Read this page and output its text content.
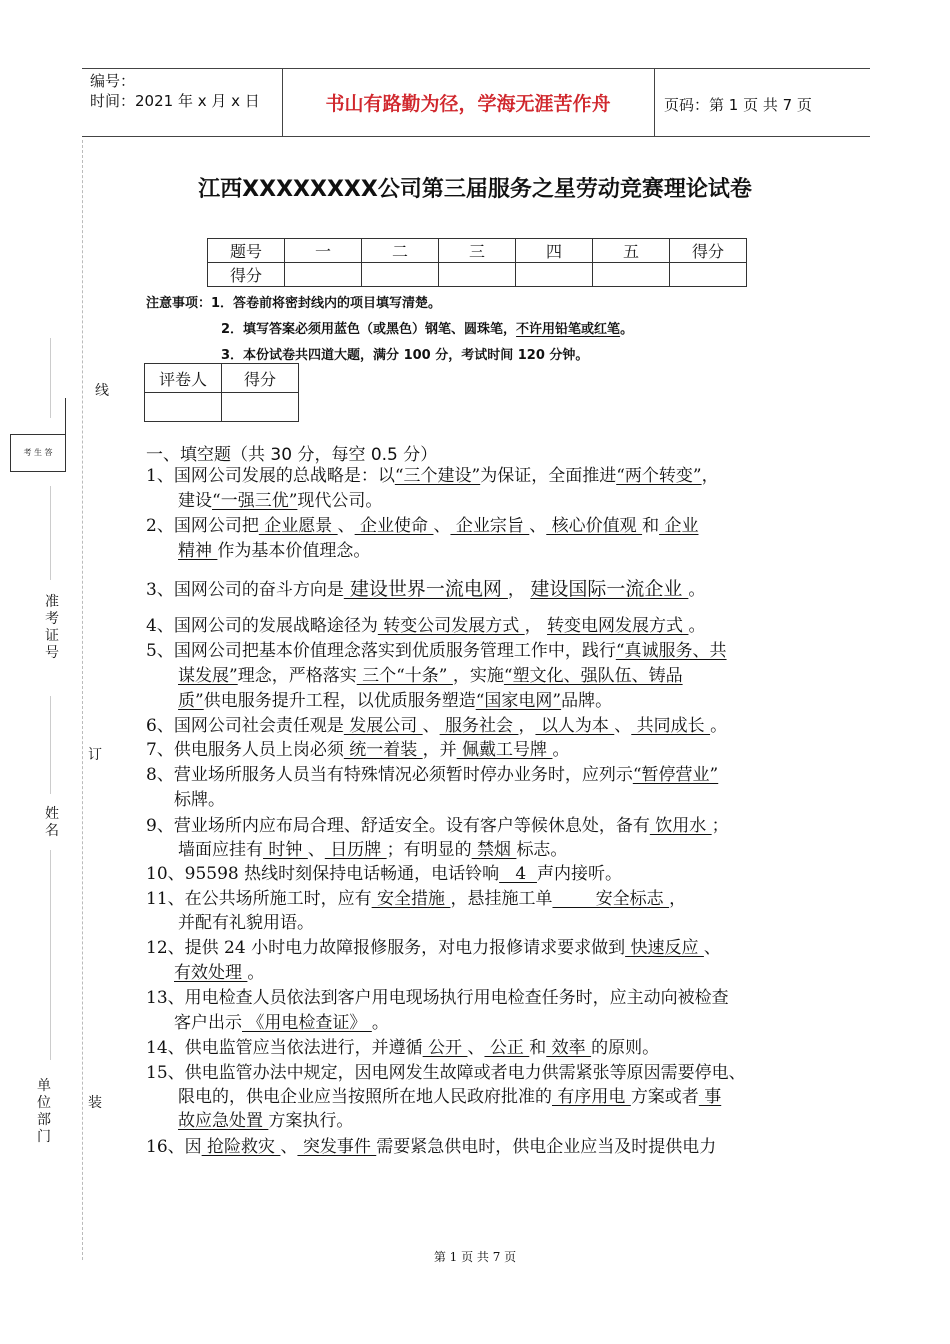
编号：
时间：2021 年 x 月 x 日	书山有路勤为径，学海无涯苦作舟	页码：第 1 页 共 7 页
江西XXXXXXXX公司第三届服务之星劳动竞赛理论试卷
题号	一	二	三	四	五	得分
得分						
注意事项：1．答卷前将密封线内的项目填写清楚。
2．填写答案必须用蓝色（或黑色）钢笔、圆珠笔，不许用铅笔或红笔。
3．本份试卷共四道大题，满分 100 分，考试时间 120 分钟。
评卷人	得分

考 生 答
线
订
装
准考证号
姓名
单位部门
一、填空题（共 30 分，每空 0.5 分）
1、国网公司发展的总战略是：以“三个建设”为保证，全面推进“两个转变”，
建设“一强三优”现代公司。
2、国网公司把 企业愿景 、 企业使命 、 企业宗旨 、 核心价值观 和 企业
精神 作为基本价值理念。
3、国网公司的奋斗方向是 建设世界一流电网 ， 建设国际一流企业 。
4、国网公司的发展战略途径为 转变公司发展方式 ， 转变电网发展方式 。
5、国网公司把基本价值理念落实到优质服务管理工作中，践行“真诚服务、共
谋发展”理念，严格落实 三个“十条” ，实施“塑文化、强队伍、铸品
质”供电服务提升工程，以优质服务塑造“国家电网”品牌。
6、国网公司社会责任观是 发展公司 、 服务社会 ， 以人为本 、 共同成长 。
7、供电服务人员上岗必须 统一着装 ，并 佩戴工号牌 。
8、营业场所服务人员当有特殊情况必须暂时停办业务时，应列示“暂停营业”
标牌。
9、营业场所内应布局合理、舒适安全。设有客户等候休息处，备有 饮用水 ；
墙面应挂有 时钟 、 日历牌 ；有明显的 禁烟 标志。
10、95598 热线时刻保持电话畅通，电话铃响   4  声内接听。
11、在公共场所施工时，应有 安全措施 ，悬挂施工单        安全标志 ，
并配有礼貌用语。
12、提供 24 小时电力故障报修服务，对电力报修请求要求做到 快速反应 、
有效处理 。
13、用电检查人员依法到客户用电现场执行用电检查任务时，应主动向被检查
客户出示 《用电检查证》 。
14、供电监管应当依法进行，并遵循 公开 、 公正 和 效率 的原则。
15、供电监管办法中规定，因电网发生故障或者电力供需紧张等原因需要停电、
限电的，供电企业应当按照所在地人民政府批准的 有序用电 方案或者 事
故应急处置 方案执行。
16、因 抢险救灾 、 突发事件 需要紧急供电时，供电企业应当及时提供电力
第 1 页 共 7 页
